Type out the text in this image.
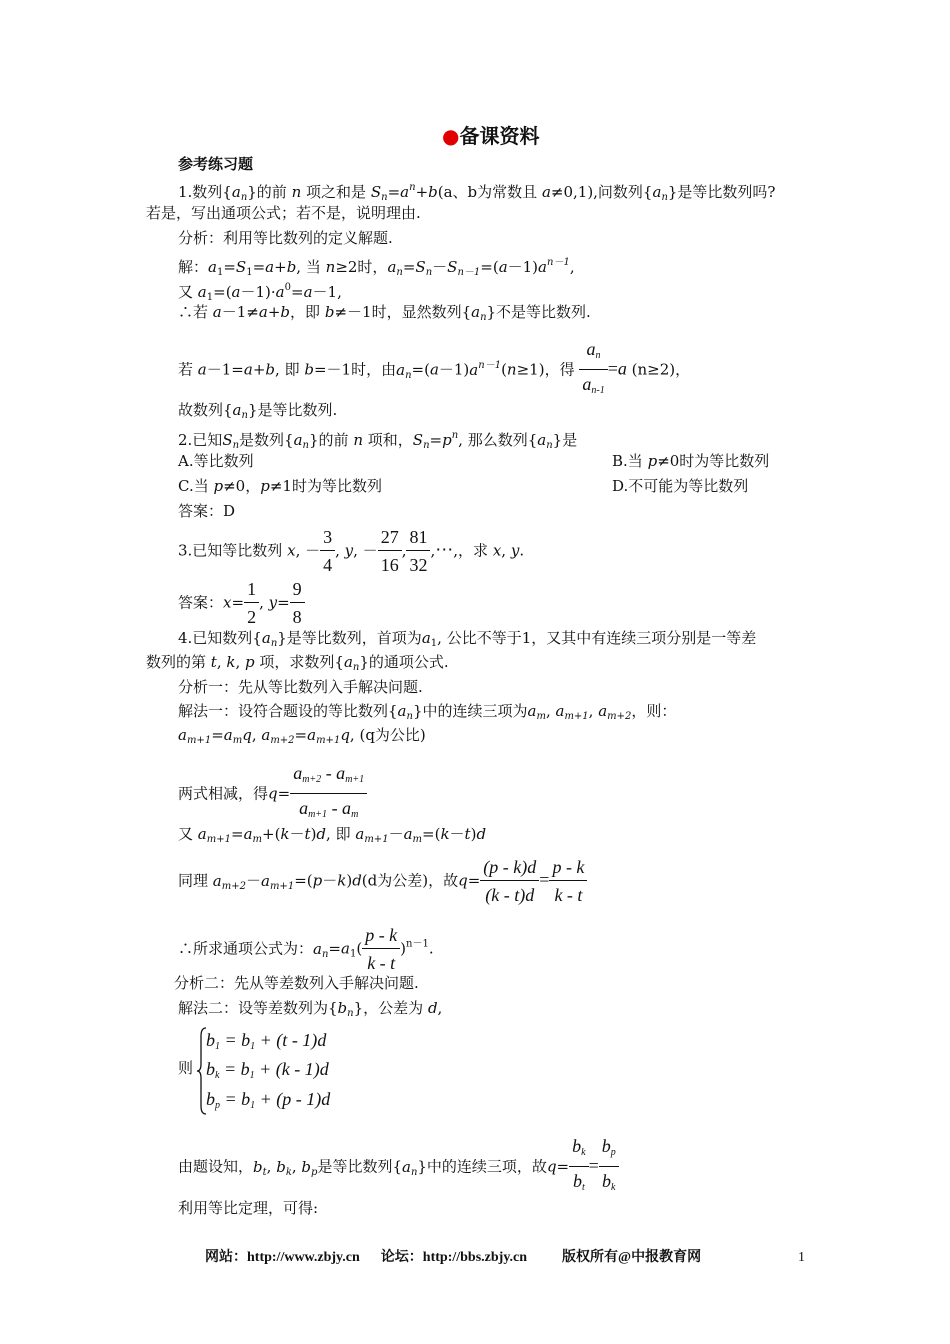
●备课资料
参考练习题
1.数列$\{a_n\}$的前 n 项之和是 $S_n=a^n+b(a$、b为常数且 a≠0,1),问数列$\{a_n\}$是等比数列吗?
若是，写出通项公式；若不是，说明理由.
分析：利用等比数列的定义解题.
解：$a_1=S_1=a+b$, 当 n≥2时，$a_n=S_n-S_{n-1}=(a-1)a^{n-1}$,
又 $a_1=(a-1)\cdot a^0=a-1$,
∴若 a－1≠a+b，即 b≠－1时，显然数列$\{a_n\}$不是等比数列.
若 a－1=a+b, 即 b=－1时，由$a_n=(a-1)a^{n-1}(n\ge 1)$，得 $\frac{a_n}{a_{n-1}} =a$ (n≥2)，
故数列$\{a_n\}$是等比数列.
2.已知$S_n$是数列$\{a_n\}$的前 n 项和，$S_n=p^n$, 那么数列$\{a_n\}$是
A.等比数列	B.当 p≠0时为等比数列
C.当 p≠0，p≠1时为等比数列	D.不可能为等比数列
答案：D
3.已知等比数列 x, － $\frac{3}{4}$ , y, － $\frac{27}{16}$ , $\frac{81}{32}$ ,⋯,，求 x, y.
答案：$x= \frac{1}{2}$ , $y= \frac{9}{8}$
4.已知数列$\{a_n\}$是等比数列，首项为$a_1$, 公比不等于1，又其中有连续三项分别是一等差
数列的第 t, k, p 项，求数列$\{a_n\}$的通项公式.
分析一：先从等比数列入手解决问题.
解法一：设符合题设的等比数列$\{a_n\}$中的连续三项为$a_m$, $a_{m+1}$, $a_{m+2}$，则：
$a_{m+1}=a_mq$, $a_{m+2}=a_{m+1}q$, (q为公比)
两式相减，得$q= \frac{a_{m+2} - a_{m+1}}{a_{m+1} - a_m}$
又 $a_{m+1}=a_m+(k-t)d$, 即 $a_{m+1}-a_m=(k-t)d$
同理 $a_{m+2}-a_{m+1}=(p-k)d(d$为公差)，故$q= \frac{(p - k)d}{(k - t)d} = \frac{p - k}{k - t}$
∴所求通项公式为：$a_n=a_1( \frac{p - k}{k - t} )^{n-1}$.
分析二：先从等差数列入手解决问题.
解法二：设等差数列为$\{b_n\}$，公差为 d,
则
$b_1 = b_1 + (t - 1)d$
$b_k = b_1 + (k - 1)d$
$b_p = b_1 + (p - 1)d$
由题设知，$b_t$, $b_k$, $b_p$是等比数列$\{a_n\}$中的连续三项，故$q= \frac{b_k}{b_t} = \frac{b_p}{b_k}$
利用等比定理，可得:
网站：http://www.zbjy.cn 论坛：http://bbs.zbjy.cn	版权所有@中报教育网	1
